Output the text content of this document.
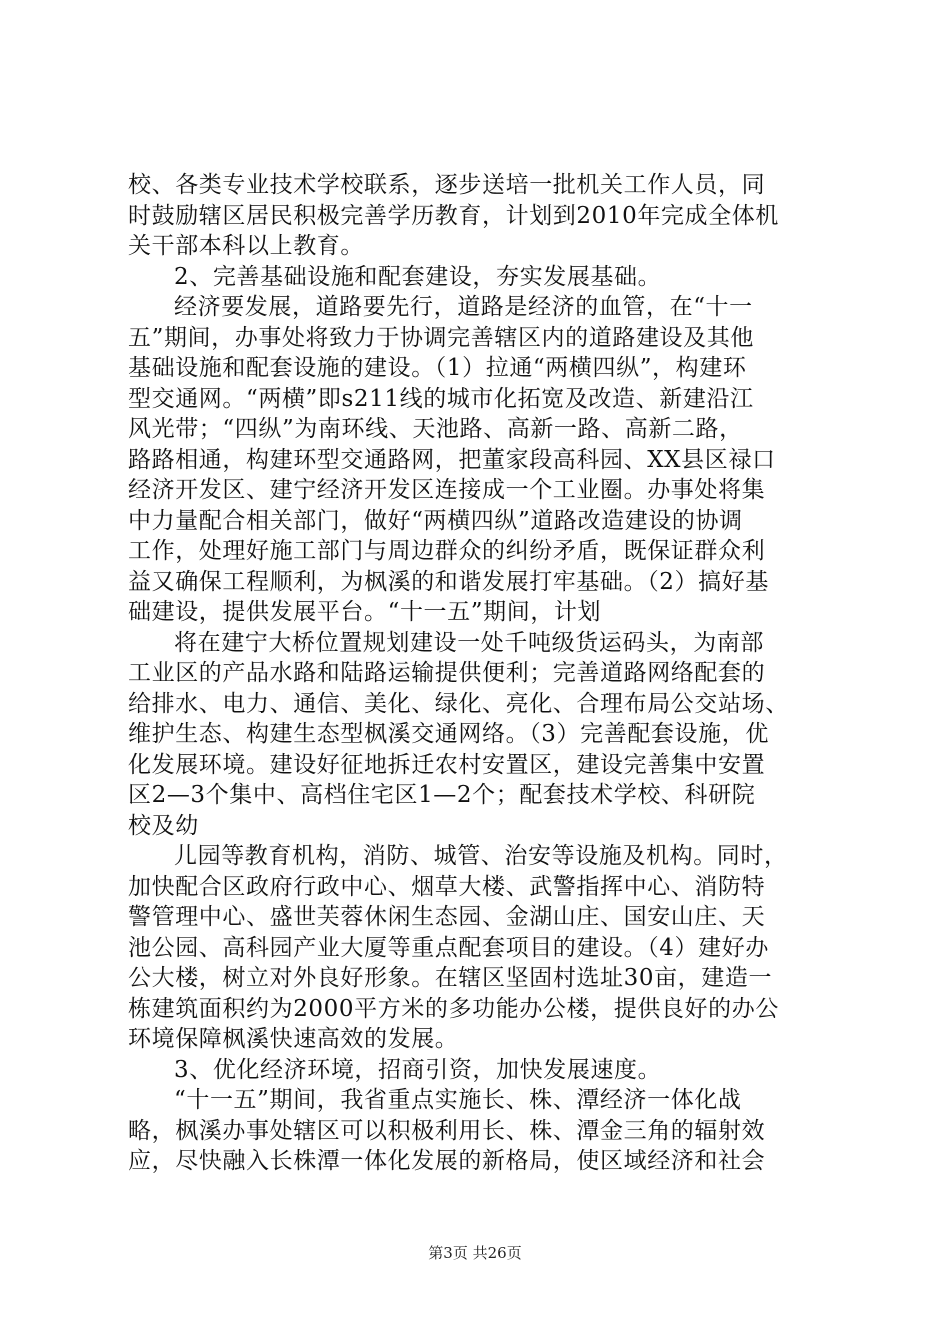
校、各类专业技术学校联系，逐步送培一批机关工作人员，同
时鼓励辖区居民积极完善学历教育，计划到2010年完成全体机
关干部本科以上教育。
2、完善基础设施和配套建设，夯实发展基础。
经济要发展，道路要先行，道路是经济的血管，在“十一
五”期间，办事处将致力于协调完善辖区内的道路建设及其他
基础设施和配套设施的建设。（1）拉通“两横四纵”，构建环
型交通网。“两横”即s211线的城市化拓宽及改造、新建沿江
风光带；“四纵”为南环线、天池路、高新一路、高新二路，
路路相通，构建环型交通路网，把董家段高科园、XX县区禄口
经济开发区、建宁经济开发区连接成一个工业圈。办事处将集
中力量配合相关部门，做好“两横四纵”道路改造建设的协调
工作，处理好施工部门与周边群众的纠纷矛盾，既保证群众利
益又确保工程顺利，为枫溪的和谐发展打牢基础。（2）搞好基
础建设，提供发展平台。“十一五”期间，计划
将在建宁大桥位置规划建设一处千吨级货运码头，为南部
工业区的产品水路和陆路运输提供便利；完善道路网络配套的
给排水、电力、通信、美化、绿化、亮化、合理布局公交站场、
维护生态、构建生态型枫溪交通网络。（3）完善配套设施，优
化发展环境。建设好征地拆迁农村安置区，建设完善集中安置
区2—3个集中、高档住宅区1—2个；配套技术学校、科研院
校及幼
儿园等教育机构，消防、城管、治安等设施及机构。同时，
加快配合区政府行政中心、烟草大楼、武警指挥中心、消防特
警管理中心、盛世芙蓉休闲生态园、金湖山庄、国安山庄、天
池公园、高科园产业大厦等重点配套项目的建设。（4）建好办
公大楼，树立对外良好形象。在辖区坚固村选址30亩，建造一
栋建筑面积约为2000平方米的多功能办公楼，提供良好的办公
环境保障枫溪快速高效的发展。
3、优化经济环境，招商引资，加快发展速度。
“十一五”期间，我省重点实施长、株、潭经济一体化战
略，枫溪办事处辖区可以积极利用长、株、潭金三角的辐射效
应，尽快融入长株潭一体化发展的新格局，使区域经济和社会
第3页 共26页
